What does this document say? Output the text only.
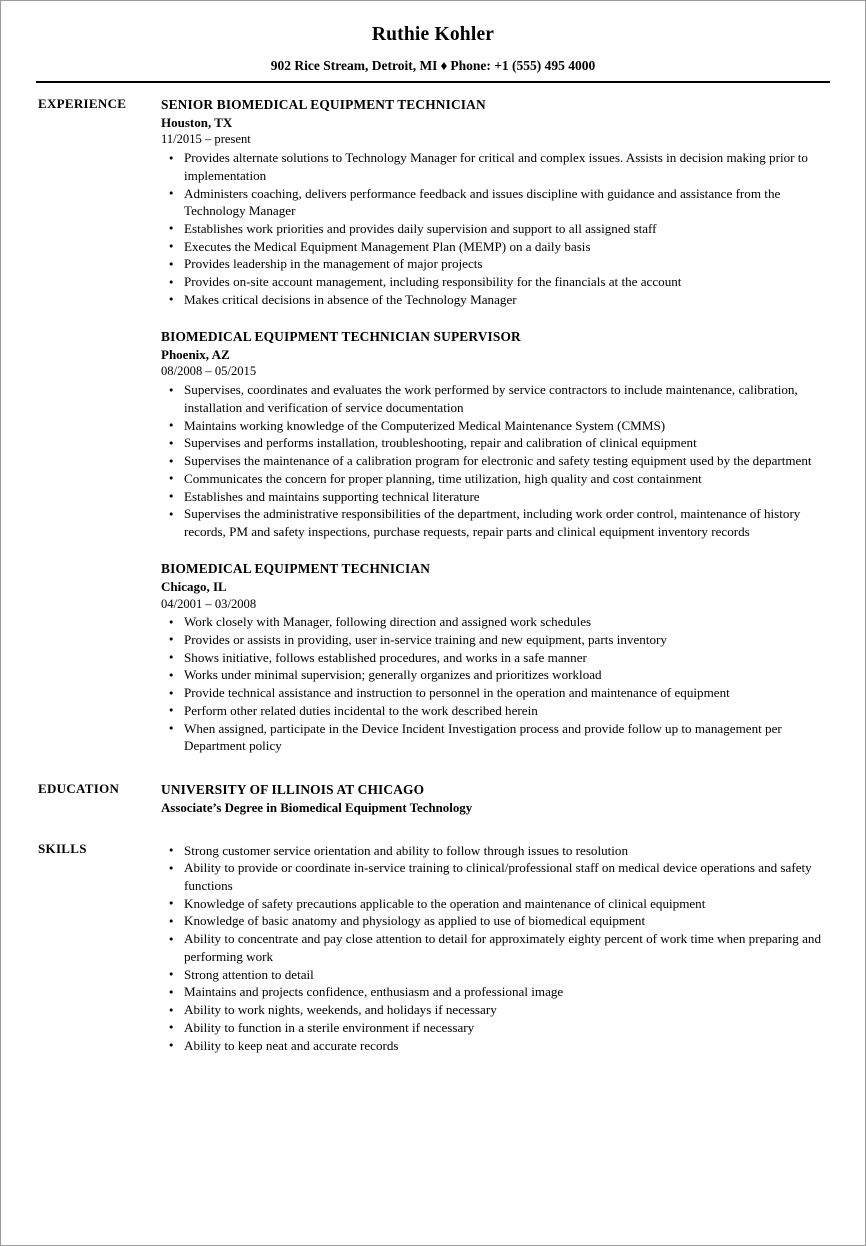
Ruthie Kohler
902 Rice Stream, Detroit, MI ♦ Phone: +1 (555) 495 4000
EXPERIENCE	SENIOR BIOMEDICAL EQUIPMENT TECHNICIAN
Houston, TX
11/2015 – present
● Provides alternate solutions to Technology Manager for critical and complex issues. Assists in decision making prior to implementation
● Administers coaching, delivers performance feedback and issues discipline with guidance and assistance from the Technology Manager
● Establishes work priorities and provides daily supervision and support to all assigned staff
● Executes the Medical Equipment Management Plan (MEMP) on a daily basis
● Provides leadership in the management of major projects
● Provides on-site account management, including responsibility for the financials at the account
● Makes critical decisions in absence of the Technology Manager
BIOMEDICAL EQUIPMENT TECHNICIAN SUPERVISOR
Phoenix, AZ
08/2008 – 05/2015
● Supervises, coordinates and evaluates the work performed by service contractors to include maintenance, calibration, installation and verification of service documentation
● Maintains working knowledge of the Computerized Medical Maintenance System (CMMS)
● Supervises and performs installation, troubleshooting, repair and calibration of clinical equipment
● Supervises the maintenance of a calibration program for electronic and safety testing equipment used by the department
● Communicates the concern for proper planning, time utilization, high quality and cost containment
● Establishes and maintains supporting technical literature
● Supervises the administrative responsibilities of the department, including work order control, maintenance of history records, PM and safety inspections, purchase requests, repair parts and clinical equipment inventory records
BIOMEDICAL EQUIPMENT TECHNICIAN
Chicago, IL
04/2001 – 03/2008
● Work closely with Manager, following direction and assigned work schedules
● Provides or assists in providing, user in-service training and new equipment, parts inventory
● Shows initiative, follows established procedures, and works in a safe manner
● Works under minimal supervision; generally organizes and prioritizes workload
● Provide technical assistance and instruction to personnel in the operation and maintenance of equipment
● Perform other related duties incidental to the work described herein
● When assigned, participate in the Device Incident Investigation process and provide follow up to management per Department policy
EDUCATION	UNIVERSITY OF ILLINOIS AT CHICAGO
Associate’s Degree in Biomedical Equipment Technology
SKILLS	● Strong customer service orientation and ability to follow through issues to resolution
● Ability to provide or coordinate in-service training to clinical/professional staff on medical device operations and safety functions
● Knowledge of safety precautions applicable to the operation and maintenance of clinical equipment
● Knowledge of basic anatomy and physiology as applied to use of biomedical equipment
● Ability to concentrate and pay close attention to detail for approximately eighty percent of work time when preparing and performing work
● Strong attention to detail
● Maintains and projects confidence, enthusiasm and a professional image
● Ability to work nights, weekends, and holidays if necessary
● Ability to function in a sterile environment if necessary
● Ability to keep neat and accurate records
